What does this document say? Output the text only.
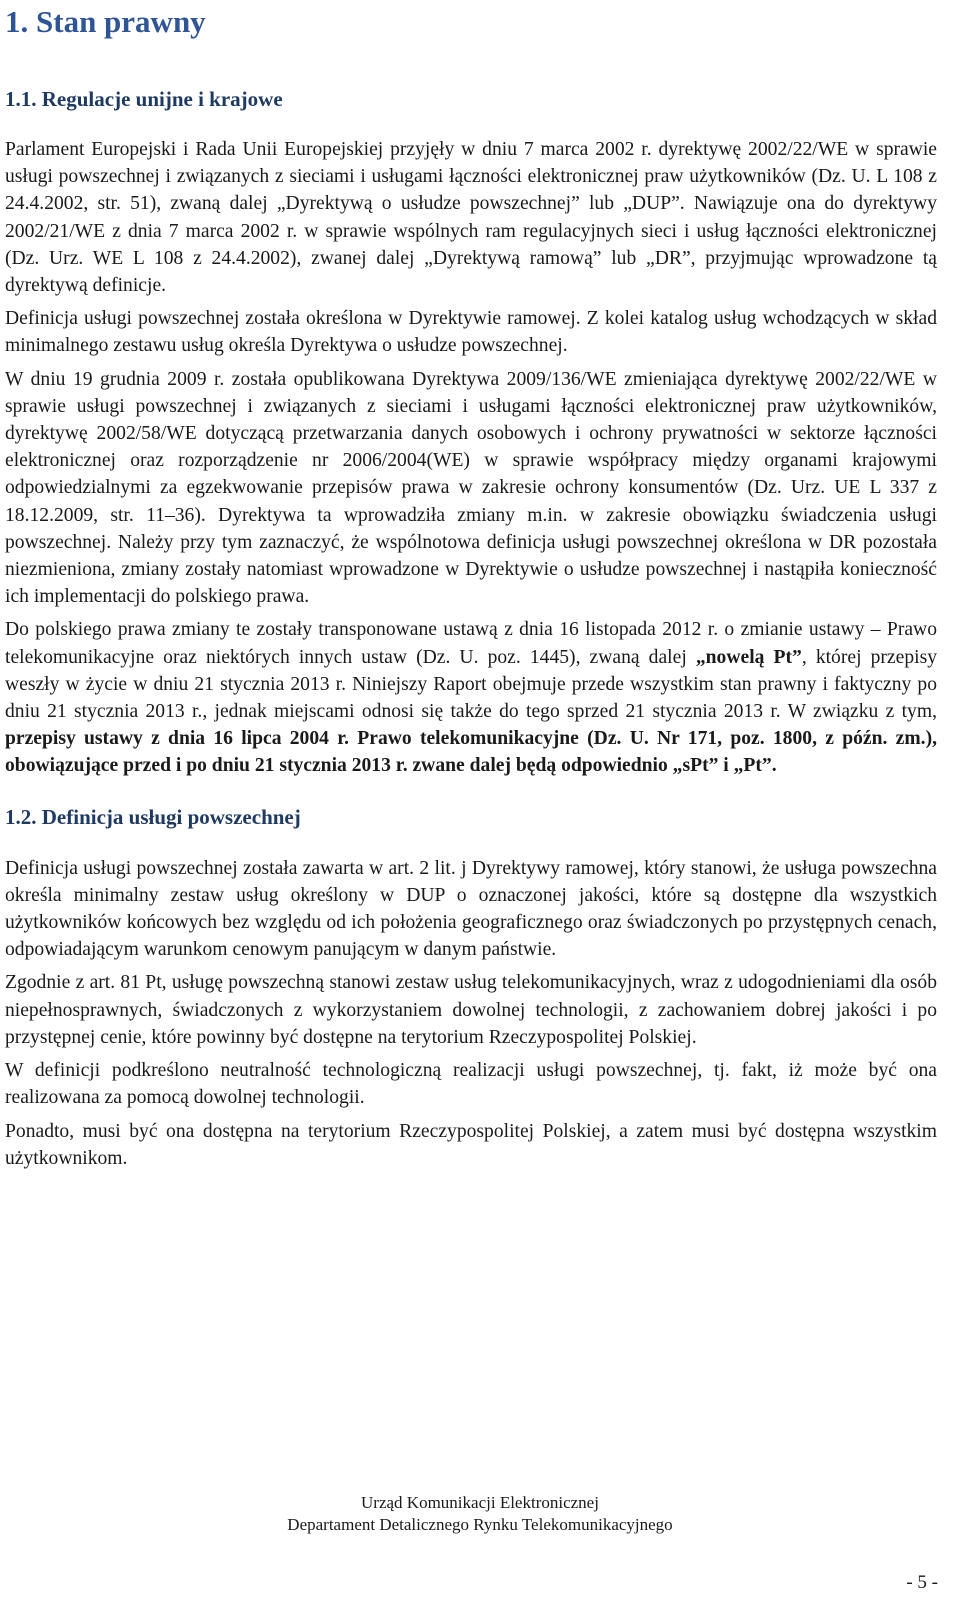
1. Stan prawny
1.1. Regulacje unijne i krajowe

Parlament Europejski i Rada Unii Europejskiej przyjęły w dniu 7 marca 2002 r. dyrektywę 2002/22/WE w sprawie usługi powszechnej i związanych z sieciami i usługami łączności elektronicznej praw użytkowników (Dz. U. L 108 z 24.4.2002, str. 51), zwaną dalej „Dyrektywą o usłudze powszechnej” lub „DUP”. Nawiązuje ona do dyrektywy 2002/21/WE z dnia 7 marca 2002 r. w sprawie wspólnych ram regulacyjnych sieci i usług łączności elektronicznej (Dz. Urz. WE L 108 z 24.4.2002), zwanej dalej „Dyrektywą ramową” lub „DR”, przyjmując wprowadzone tą dyrektywą definicje.

Definicja usługi powszechnej została określona w Dyrektywie ramowej. Z kolei katalog usług wchodzących w skład minimalnego zestawu usług określa Dyrektywa o usłudze powszechnej.

W dniu 19 grudnia 2009 r. została opublikowana Dyrektywa 2009/136/WE zmieniająca dyrektywę 2002/22/WE w sprawie usługi powszechnej i związanych z sieciami i usługami łączności elektronicznej praw użytkowników, dyrektywę 2002/58/WE dotyczącą przetwarzania danych osobowych i ochrony prywatności w sektorze łączności elektronicznej oraz rozporządzenie nr 2006/2004(WE) w sprawie współpracy między organami krajowymi odpowiedzialnymi za egzekwowanie przepisów prawa w zakresie ochrony konsumentów (Dz. Urz. UE L 337 z 18.12.2009, str. 11–36). Dyrektywa ta wprowadziła zmiany m.in. w zakresie obowiązku świadczenia usługi powszechnej. Należy przy tym zaznaczyć, że wspólnotowa definicja usługi powszechnej określona w DR pozostała niezmieniona, zmiany zostały natomiast wprowadzone w Dyrektywie o usłudze powszechnej i nastąpiła konieczność ich implementacji do polskiego prawa.

Do polskiego prawa zmiany te zostały transponowane ustawą z dnia 16 listopada 2012 r. o zmianie ustawy – Prawo telekomunikacyjne oraz niektórych innych ustaw (Dz. U. poz. 1445), zwaną dalej „nowelą Pt”, której przepisy weszły w życie w dniu 21 stycznia 2013 r. Niniejszy Raport obejmuje przede wszystkim stan prawny i faktyczny po dniu 21 stycznia 2013 r., jednak miejscami odnosi się także do tego sprzed 21 stycznia 2013 r. W związku z tym, przepisy ustawy z dnia 16 lipca 2004 r. Prawo telekomunikacyjne (Dz. U. Nr 171, poz. 1800, z późn. zm.), obowiązujące przed i po dniu 21 stycznia 2013 r. zwane dalej będą odpowiednio „sPt” i „Pt”.

1.2. Definicja usługi powszechnej

Definicja usługi powszechnej została zawarta w art. 2 lit. j Dyrektywy ramowej, który stanowi, że usługa powszechna określa minimalny zestaw usług określony w DUP o oznaczonej jakości, które są dostępne dla wszystkich użytkowników końcowych bez względu od ich położenia geograficznego oraz świadczonych po przystępnych cenach, odpowiadającym warunkom cenowym panującym w danym państwie.

Zgodnie z art. 81 Pt, usługę powszechną stanowi zestaw usług telekomunikacyjnych, wraz z udogodnieniami dla osób niepełnosprawnych, świadczonych z wykorzystaniem dowolnej technologii, z zachowaniem dobrej jakości i po przystępnej cenie, które powinny być dostępne na terytorium Rzeczypospolitej Polskiej.

W definicji podkreślono neutralność technologiczną realizacji usługi powszechnej, tj. fakt, iż może być ona realizowana za pomocą dowolnej technologii.

Ponadto, musi być ona dostępna na terytorium Rzeczypospolitej Polskiej, a zatem musi być dostępna wszystkim użytkownikom.

Urząd Komunikacji Elektronicznej
Departament Detalicznego Rynku Telekomunikacyjnego
- 5 -
